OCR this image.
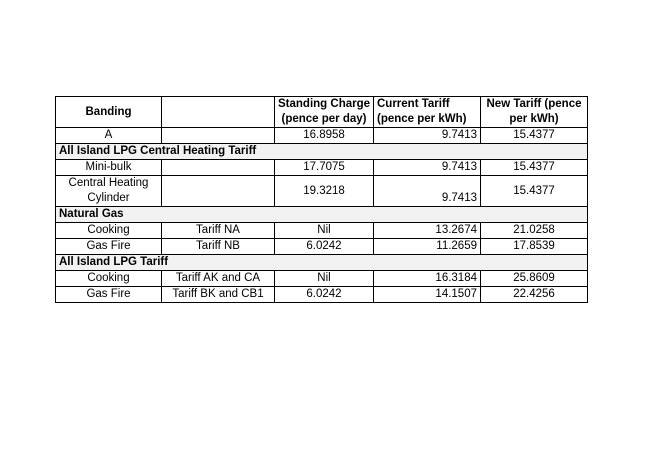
Banding		Standing Charge	Current Tariff	New Tariff (pence
		(pence per day)	(pence per kWh)	per kWh)
A		16.8958	9.7413	15.4377
All Island LPG Central Heating Tariff				
Mini-bulk		17.7075	9.7413	15.4377
Central Heating		19.3218	9.7413	15.4377
Cylinder				
Natural Gas				
Cooking	Tariff NA	Nil	13.2674	21.0258
Gas Fire	Tariff NB	6.0242	11.2659	17.8539
All Island LPG Tariff				
Cooking	Tariff AK and CA	Nil	16.3184	25.8609
Gas Fire	Tariff BK and CB1	6.0242	14.1507	22.4256
